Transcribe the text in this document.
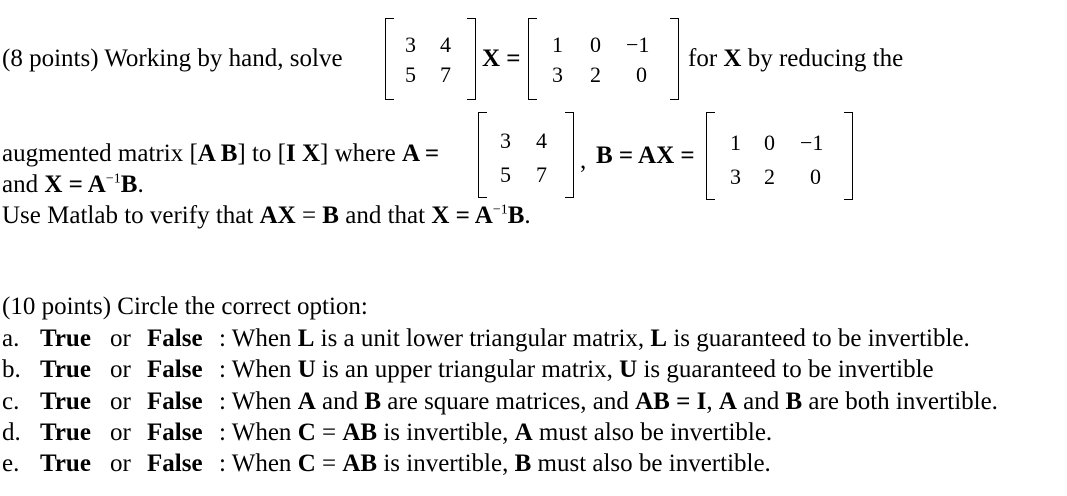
(8 points) Working by hand, solve
3 4
5 7
X =
1 0 −1
3 2 0
for X by reducing the
augmented matrix [A B] to [I X] where A =	3 4
5 7
, B = AX = 1 0 −1
3 2 0
and $X = A^{-1}B$.
Use Matlab to verify that AX = B and that $X = A^{-1}B$.
(10 points) Circle the correct option:
a. True or False : When L is a unit lower triangular matrix, L is guaranteed to be invertible.
b. True or False : When U is an upper triangular matrix, U is guaranteed to be invertible
c. True or False : When A and B are square matrices, and AB = I, A and B are both invertible.
d. True or False : When C = AB is invertible, A must also be invertible.
e. True or False : When C = AB is invertible, B must also be invertible.
